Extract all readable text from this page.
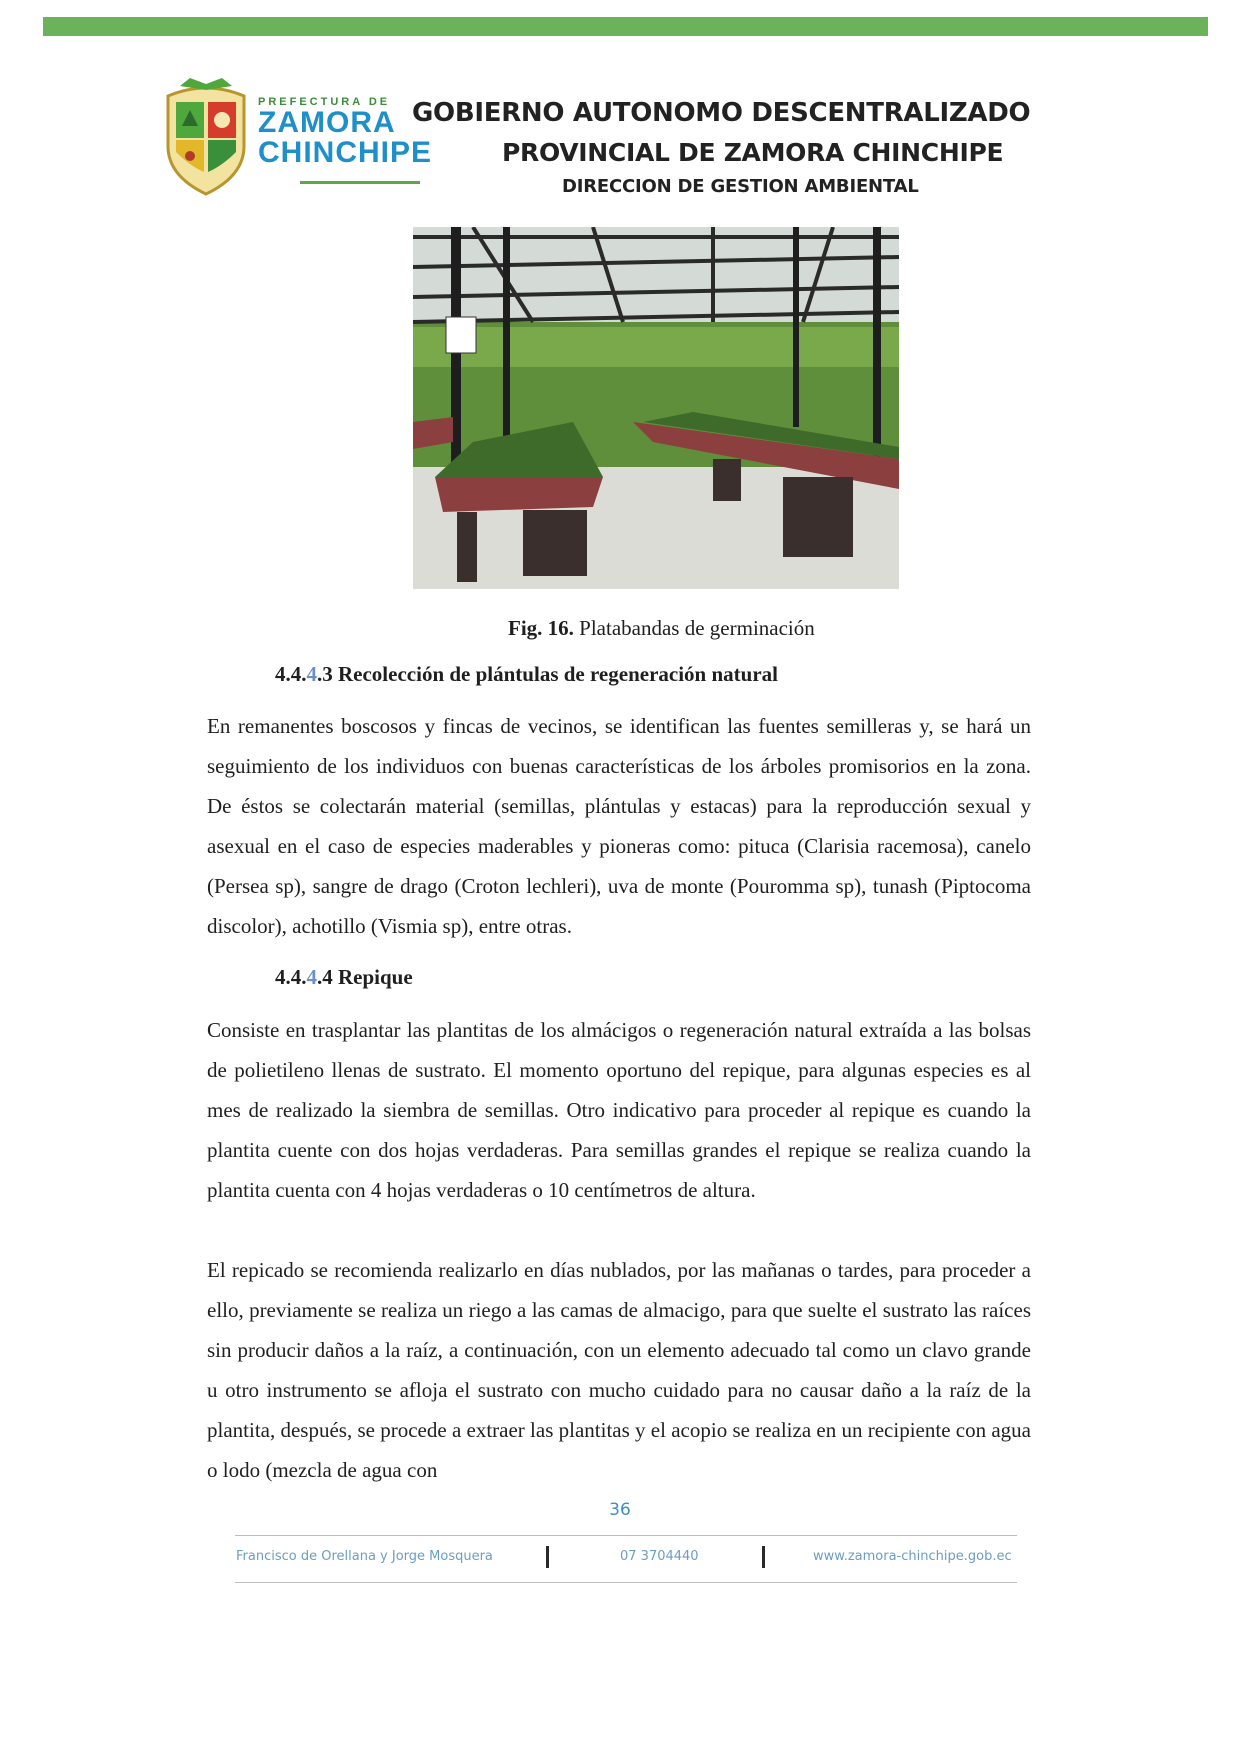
PREFECTURA DE
ZAMORA
CHINCHIPE
GOBIERNO AUTONOMO DESCENTRALIZADO
PROVINCIAL DE ZAMORA CHINCHIPE
DIRECCION DE GESTION AMBIENTAL
Fig. 16. Platabandas de germinación
4.4.4.3 Recolección de plántulas de regeneración natural
En remanentes boscosos y fincas de vecinos, se identifican las fuentes semilleras y, se hará un seguimiento de los individuos con buenas características de los árboles promisorios en la zona. De éstos se colectarán material (semillas, plántulas y estacas) para la reproducción sexual y asexual en el caso de especies maderables y pioneras como: pituca (Clarisia racemosa), canelo (Persea sp), sangre de drago (Croton lechleri), uva de monte (Pouromma sp), tunash (Piptocoma discolor), achotillo (Vismia sp), entre otras.
4.4.4.4 Repique
Consiste en trasplantar las plantitas de los almácigos o regeneración natural extraída a las bolsas de polietileno llenas de sustrato. El momento oportuno del repique, para algunas especies es al mes de realizado la siembra de semillas. Otro indicativo para proceder al repique es cuando la plantita cuente con dos hojas verdaderas. Para semillas grandes el repique se realiza cuando la plantita cuenta con 4 hojas verdaderas o 10 centímetros de altura.
El repicado se recomienda realizarlo en días nublados, por las mañanas o tardes, para proceder a ello, previamente se realiza un riego a las camas de almacigo, para que suelte el sustrato las raíces sin producir daños a la raíz, a continuación, con un elemento adecuado tal como un clavo grande u otro instrumento se afloja el sustrato con mucho cuidado para no causar daño a la raíz de la plantita, después, se procede a extraer las plantitas y el acopio se realiza en un recipiente con agua o lodo (mezcla de agua con
36
Francisco de Orellana y Jorge Mosquera	07 3704440	www.zamora-chinchipe.gob.ec
